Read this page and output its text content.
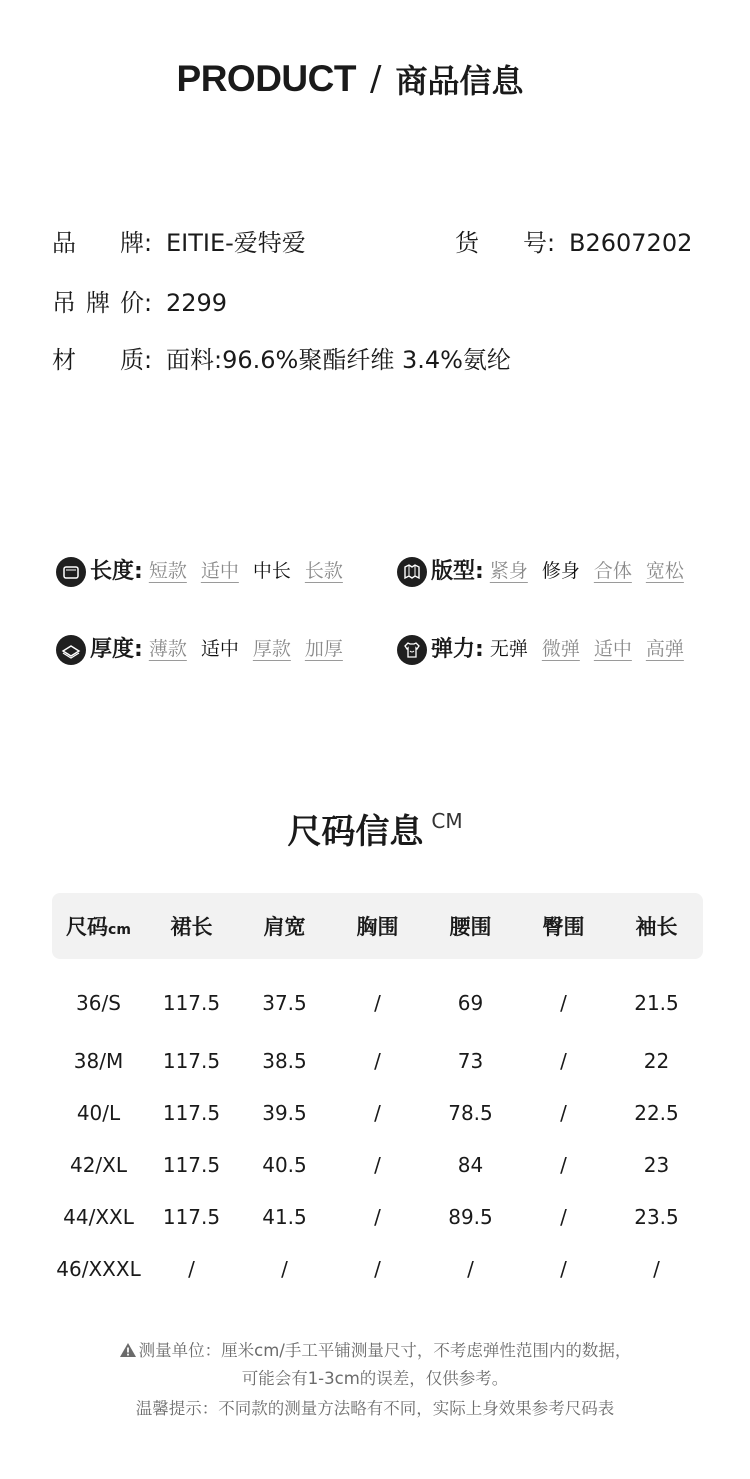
PRODUCT / 商品信息
品牌: EITIE-爱特爱	货号: B2607202
吊牌价: 2299
材质: 面料:96.6%聚酯纤维 3.4%氨纶
长度: 短款 适中 中长 长款	版型: 紧身 修身 合体 宽松
厚度: 薄款 适中 厚款 加厚	弹力: 无弹 微弹 适中 高弹
尺码信息 CM
尺码cm	裙长	肩宽	胸围	腰围	臀围	袖长
36/S	117.5	37.5	/	69	/	21.5
38/M	117.5	38.5	/	73	/	22
40/L	117.5	39.5	/	78.5	/	22.5
42/XL	117.5	40.5	/	84	/	23
44/XXL	117.5	41.5	/	89.5	/	23.5
46/XXXL	/	/	/	/	/	/
测量单位：厘米cm/手工平铺测量尺寸，不考虑弹性范围内的数据，
可能会有1-3cm的误差，仅供参考。
温馨提示：不同款的测量方法略有不同，实际上身效果参考尺码表
